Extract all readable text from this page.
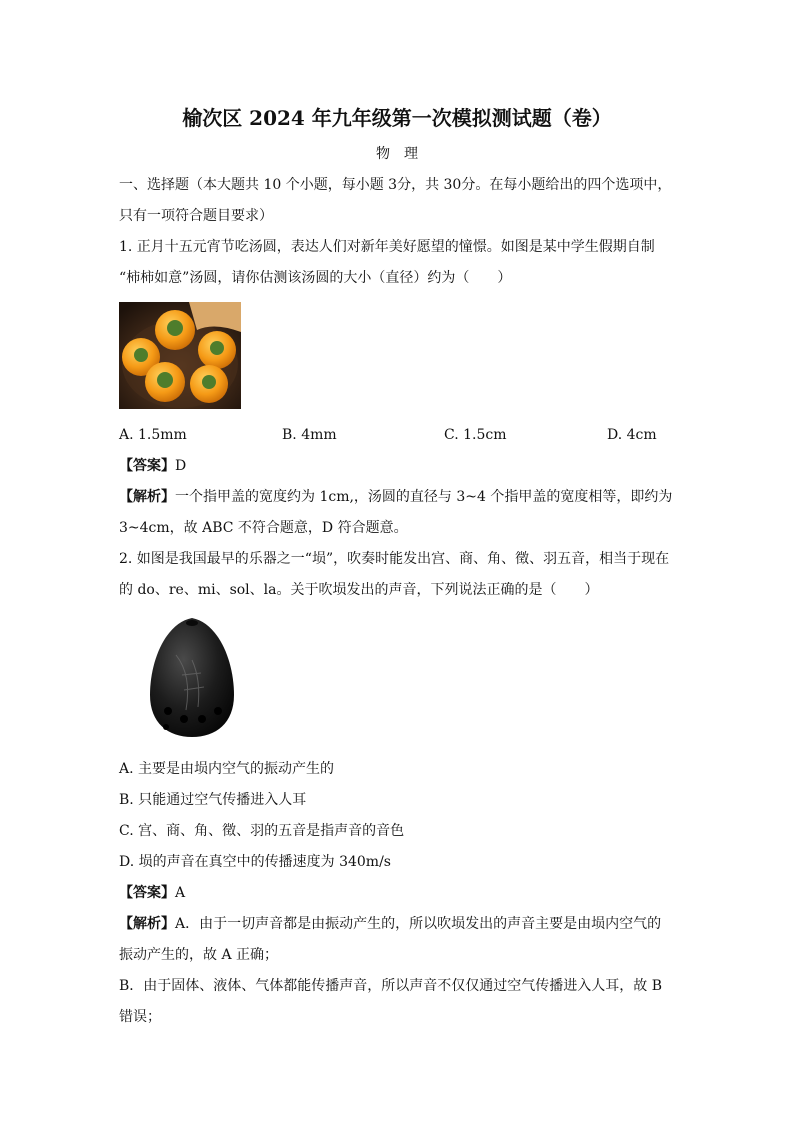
榆次区 2024 年九年级第一次模拟测试题（卷）
物理
一、选择题（本大题共 10 个小题，每小题 3分，共 30分。在每小题给出的四个选项中，
只有一项符合题目要求）
1. 正月十五元宵节吃汤圆，表达人们对新年美好愿望的憧憬。如图是某中学生假期自制
“柿柿如意”汤圆，请你估测该汤圆的大小（直径）约为（　　）
A. 1.5mm	B. 4mm	C. 1.5cm	D. 4cm
【答案】D
【解析】一个指甲盖的宽度约为 1cm,，汤圆的直径与 3~4 个指甲盖的宽度相等，即约为
3~4cm，故 ABC 不符合题意，D 符合题意。
2. 如图是我国最早的乐器之一“埙”，吹奏时能发出宫、商、角、徵、羽五音，相当于现在
的 do、re、mi、sol、la。关于吹埙发出的声音，下列说法正确的是（　　）
A. 主要是由埙内空气的振动产生的
B. 只能通过空气传播进入人耳
C. 宫、商、角、徵、羽的五音是指声音的音色
D. 埙的声音在真空中的传播速度为 340m/s
【答案】A
【解析】A．由于一切声音都是由振动产生的，所以吹埙发出的声音主要是由埙内空气的
振动产生的，故 A 正确；
B．由于固体、液体、气体都能传播声音，所以声音不仅仅通过空气传播进入人耳，故 B
错误；
